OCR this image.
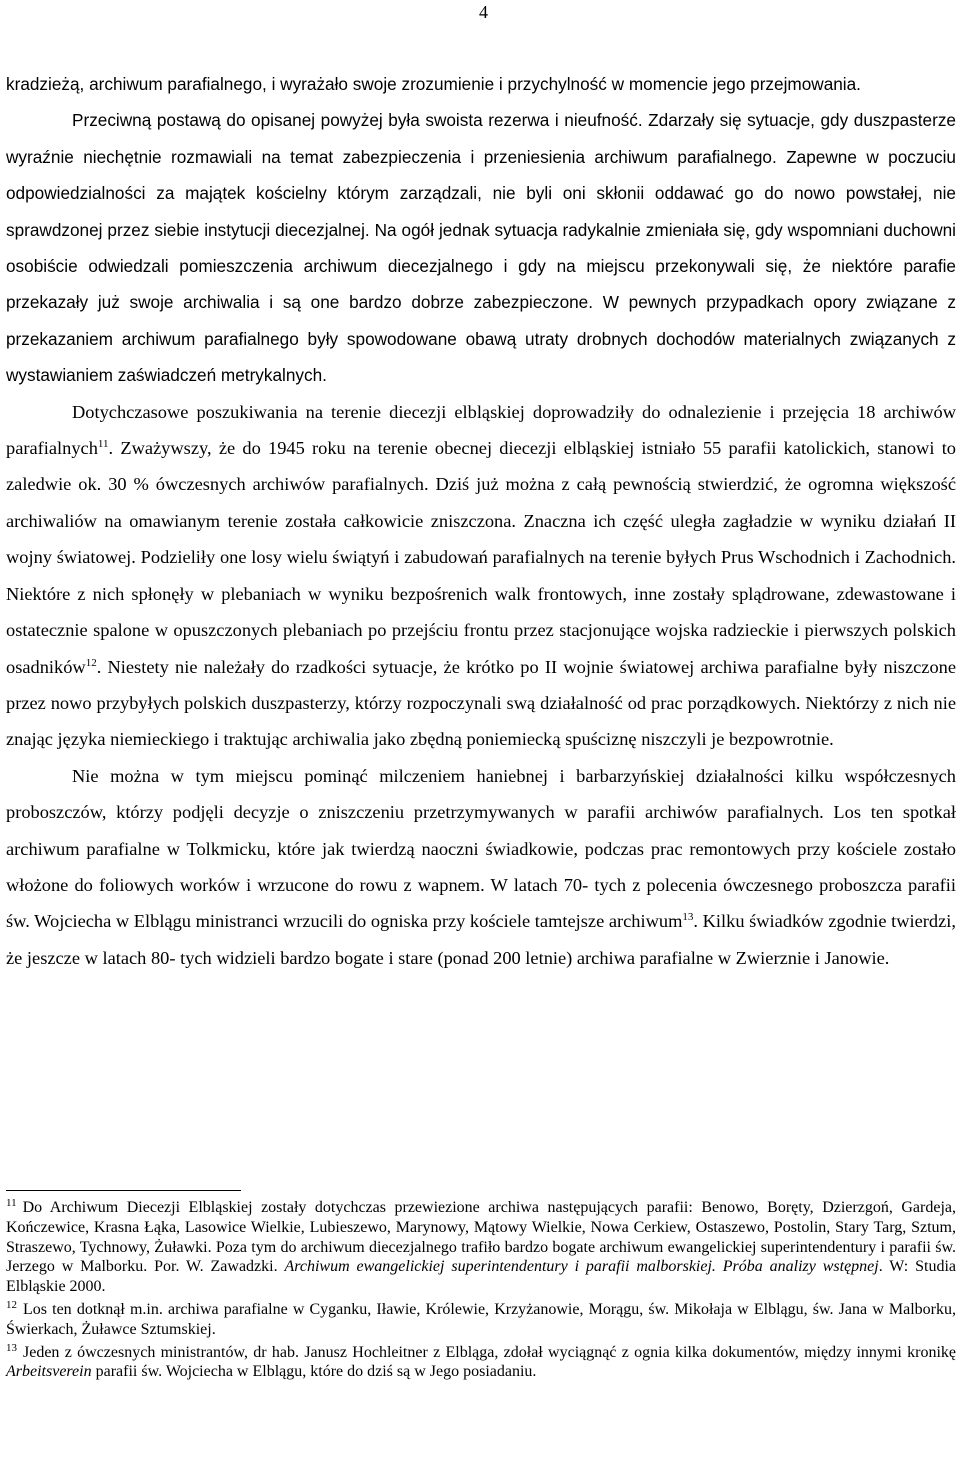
4

kradzieżą, archiwum parafialnego, i wyrażało swoje zrozumienie i przychylność w momencie jego przejmowania.

Przeciwną postawą do opisanej powyżej była swoista rezerwa i nieufność. Zdarzały się sytuacje, gdy duszpasterze wyraźnie niechętnie rozmawiali na temat zabezpieczenia i przeniesienia archiwum parafialnego. Zapewne w poczuciu odpowiedzialności za majątek kościelny którym zarządzali, nie byli oni skłonii oddawać go do nowo powstałej, nie sprawdzonej przez siebie instytucji diecezjalnej. Na ogół jednak sytuacja radykalnie zmieniała się, gdy wspomniani duchowni osobiście odwiedzali pomieszczenia archiwum diecezjalnego i gdy na miejscu przekonywali się, że niektóre parafie przekazały już swoje archiwalia i są one bardzo dobrze zabezpieczone. W pewnych przypadkach opory związane z przekazaniem archiwum parafialnego były spowodowane obawą utraty drobnych dochodów materialnych związanych z wystawianiem zaświadczeń metrykalnych.

Dotychczasowe poszukiwania na terenie diecezji elbląskiej doprowadziły do odnalezienie i przejęcia 18 archiwów parafialnych$^{11}$. Zważywszy, że do 1945 roku na terenie obecnej diecezji elbląskiej istniało 55 parafii katolickich, stanowi to zaledwie ok. 30 % ówczesnych archiwów parafialnych. Dziś już można z całą pewnością stwierdzić, że ogromna większość archiwaliów na omawianym terenie została całkowicie zniszczona. Znaczna ich część uległa zagładzie w wyniku działań II wojny światowej. Podzieliły one losy wielu świątyń i zabudowań parafialnych na terenie byłych Prus Wschodnich i Zachodnich. Niektóre z nich spłonęły w plebaniach w wyniku bezpośrenich walk frontowych, inne zostały splądrowane, zdewastowane i ostatecznie spalone w opuszczonych plebaniach po przejściu frontu przez stacjonujące wojska radzieckie i pierwszych polskich osadników$^{12}$. Niestety nie należały do rzadkości sytuacje, że krótko po II wojnie światowej archiwa parafialne były niszczone przez nowo przybyłych polskich duszpasterzy, którzy rozpoczynali swą działalność od prac porządkowych. Niektórzy z nich nie znając języka niemieckiego i traktując archiwalia jako zbędną poniemiecką spuściznę niszczyli je bezpowrotnie.

Nie można w tym miejscu pominąć milczeniem haniebnej i barbarzyńskiej działalności kilku współczesnych proboszczów, którzy podjęli decyzje o zniszczeniu przetrzymywanych w parafii archiwów parafialnych. Los ten spotkał archiwum parafialne w Tolkmicku, które jak twierdzą naoczni świadkowie, podczas prac remontowych przy kościele zostało włożone do foliowych worków i wrzucone do rowu z wapnem. W latach 70- tych z polecenia ówczesnego proboszcza parafii św. Wojciecha w Elblągu ministranci wrzucili do ogniska przy kościele tamtejsze archiwum$^{13}$. Kilku świadków zgodnie twierdzi, że jeszcze w latach 80- tych widzieli bardzo bogate i stare (ponad 200 letnie) archiwa parafialne w Zwierznie i Janowie.

$^{11}$ Do Archiwum Diecezji Elbląskiej zostały dotychczas przewiezione archiwa następujących parafii: Benowo, Boręty, Dzierzgoń, Gardeja, Kończewice, Krasna Łąka, Lasowice Wielkie, Lubieszewo, Marynowy, Mątowy Wielkie, Nowa Cerkiew, Ostaszewo, Postolin, Stary Targ, Sztum, Straszewo, Tychnowy, Żuławki. Poza tym do archiwum diecezjalnego trafiło bardzo bogate archiwum ewangelickiej superintendentury i parafii św. Jerzego w Malborku. Por. W. Zawadzki. Archiwum ewangelickiej superintendentury i parafii malborskiej. Próba analizy wstępnej. W: Studia Elbląskie 2000.

$^{12}$ Los ten dotknął m.in. archiwa parafialne w Cyganku, Iławie, Królewie, Krzyżanowie, Morągu, św. Mikołaja w Elblągu, św. Jana w Malborku, Świerkach, Żuławce Sztumskiej.

$^{13}$ Jeden z ówczesnych ministrantów, dr hab. Janusz Hochleitner z Elbląga, zdołał wyciągnąć z ognia kilka dokumentów, między innymi kronikę Arbeitsverein parafii św. Wojciecha w Elblągu, które do dziś są w Jego posiadaniu.
